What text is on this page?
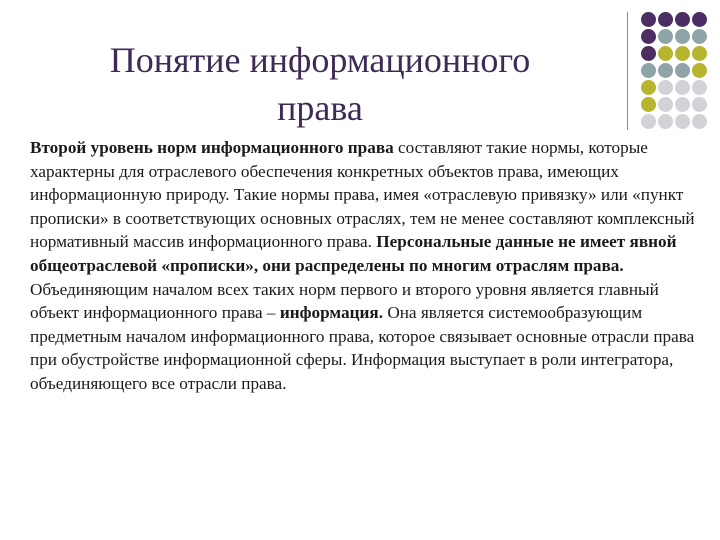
Понятие информационного
права
Второй уровень норм информационного права составляют такие нормы, которые характерны для отраслевого обеспечения конкретных объектов права, имеющих информационную природу. Такие нормы права, имея «отраслевую привязку» или «пункт прописки» в соответствующих основных отраслях, тем не менее составляют комплексный нормативный массив информационного права. Персональные данные не имеет явной общеотраслевой «прописки», они распределены по многим отраслям права. Объединяющим началом всех таких норм первого и второго уровня является главный объект информационного права – информация. Она является системообразующим предметным началом информационного права, которое связывает основные отрасли права при обустройстве информационной сферы. Информация выступает в роли интегратора, объединяющего все отрасли права.
